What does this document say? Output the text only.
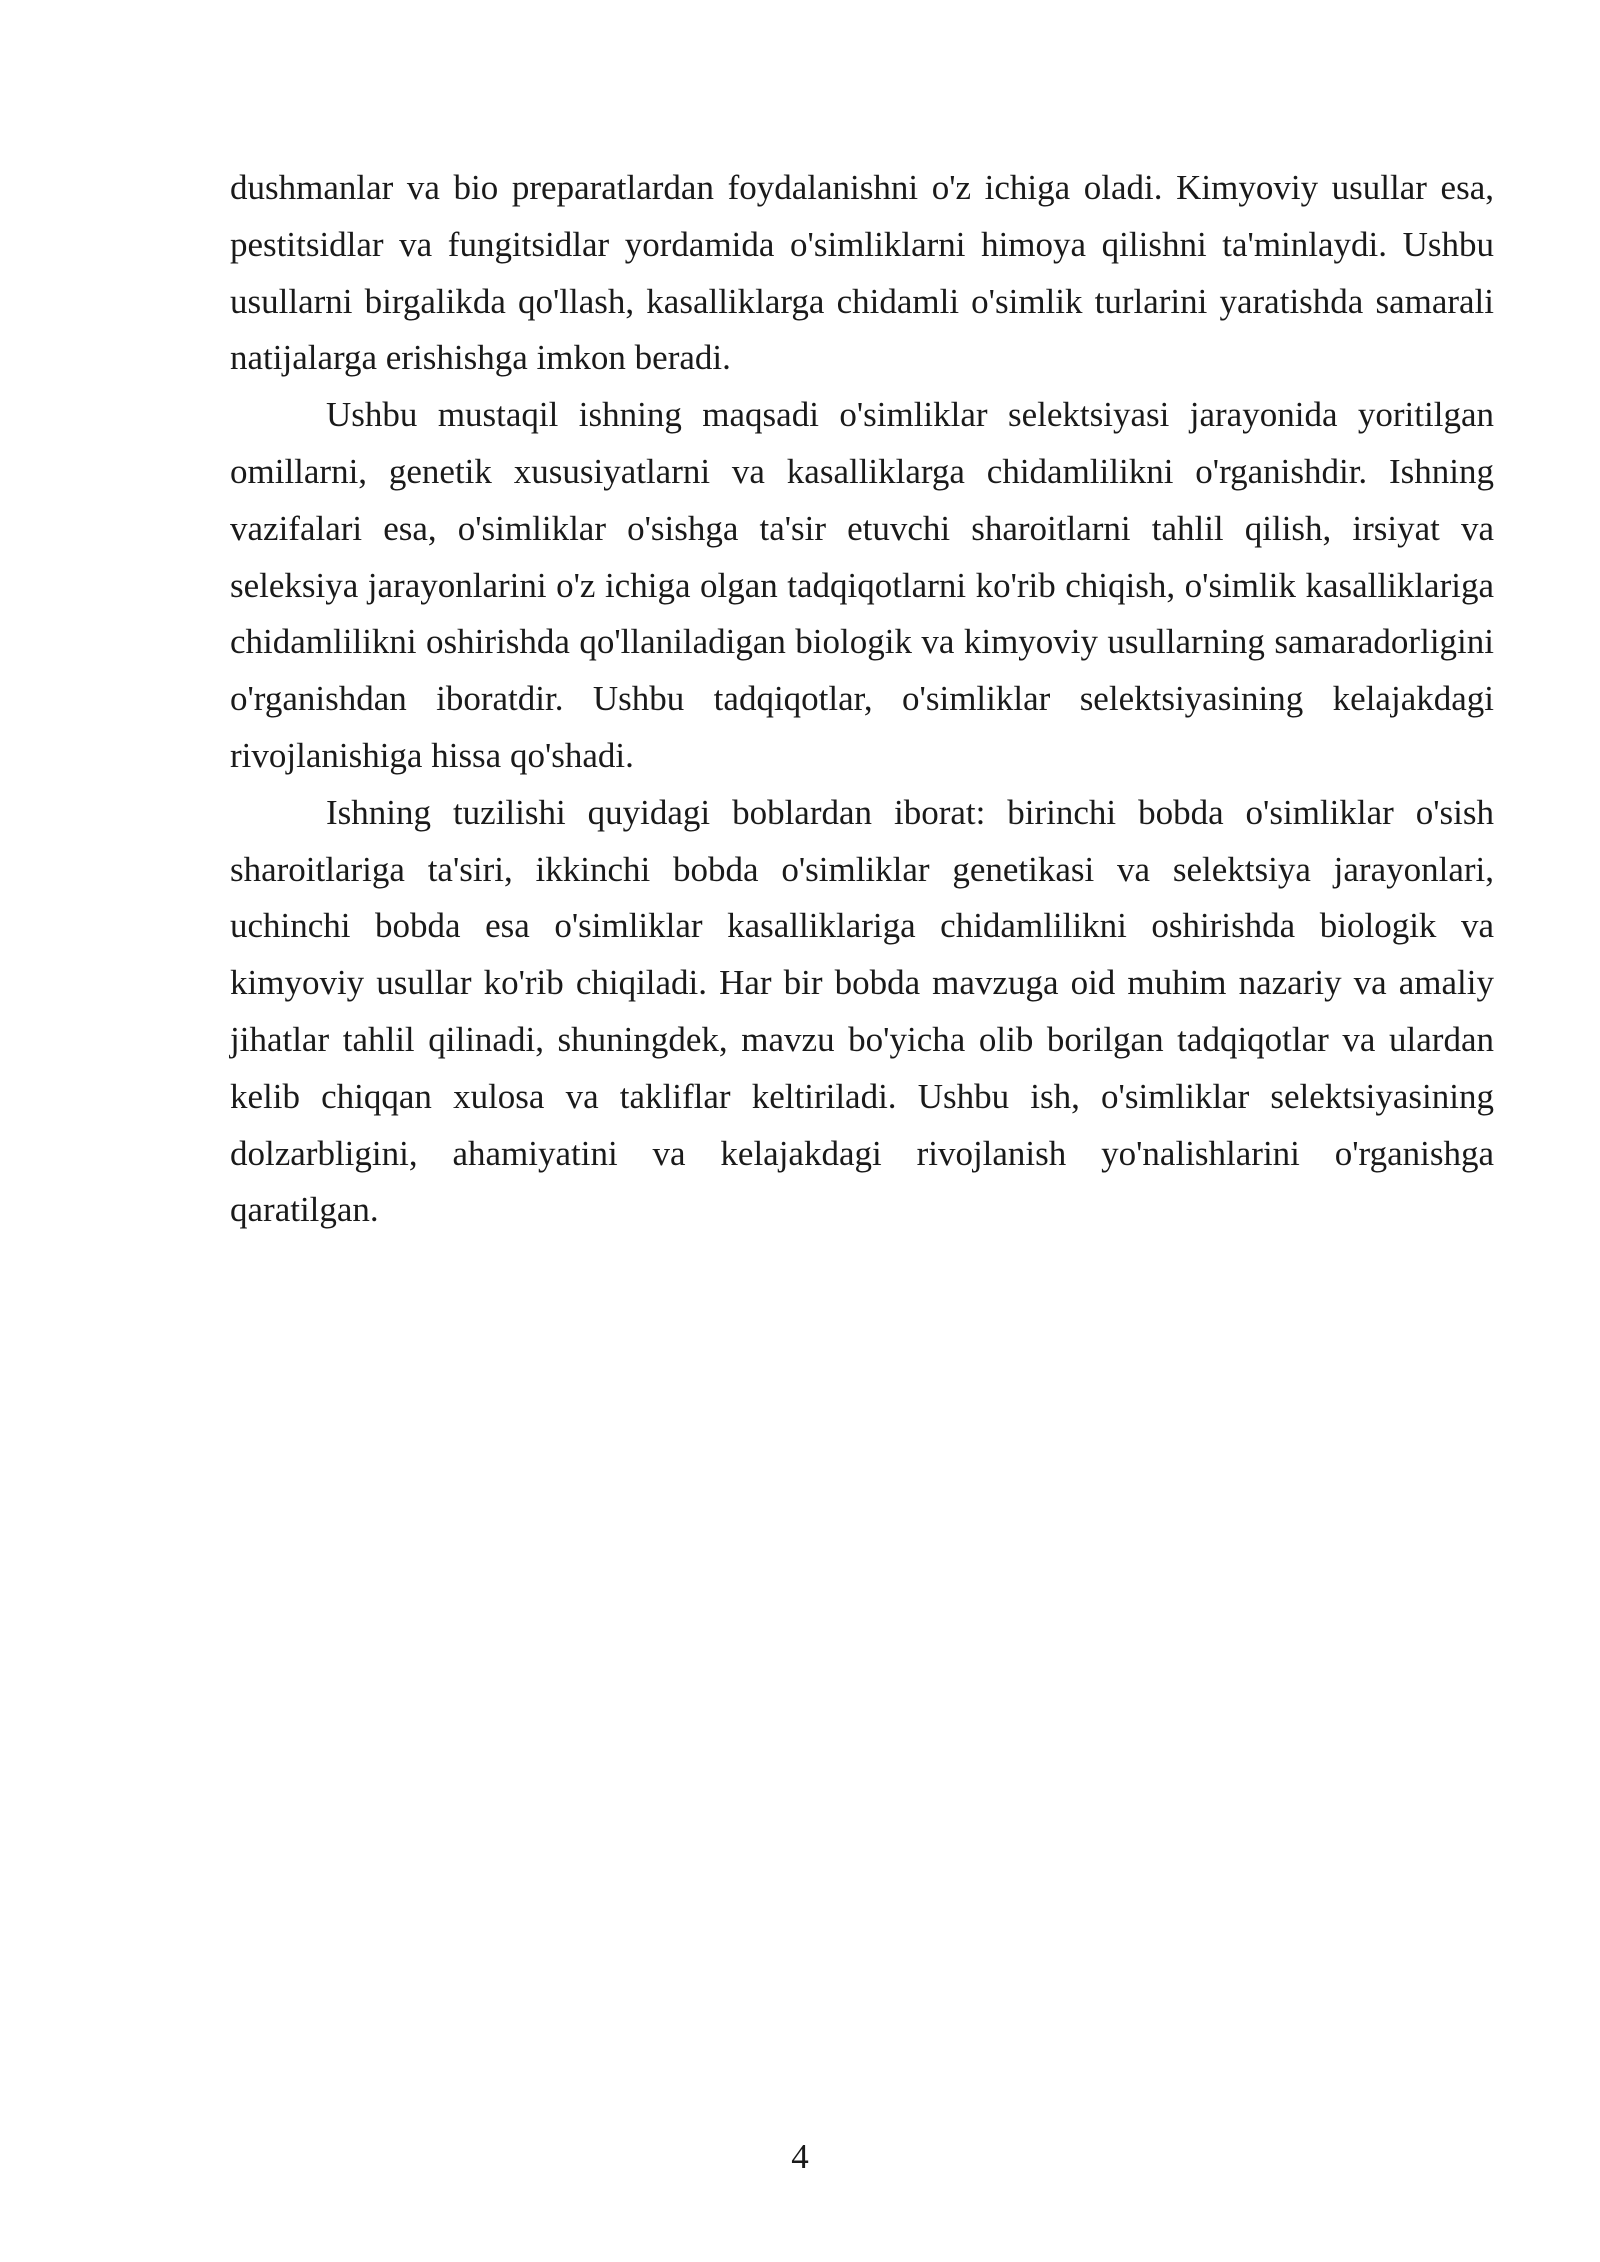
dushmanlar va bio preparatlardan foydalanishni o'z ichiga oladi. Kimyoviy usullar esa, pestitsidlar va fungitsidlar yordamida o'simliklarni himoya qilishni ta'minlaydi. Ushbu usullarni birgalikda qo'llash, kasalliklarga chidamli o'simlik turlarini yaratishda samarali natijalarga erishishga imkon beradi.

Ushbu mustaqil ishning maqsadi o'simliklar selektsiyasi jarayonida yoritilgan omillarni, genetik xususiyatlarni va kasalliklarga chidamlilikni o'rganishdir. Ishning vazifalari esa, o'simliklar o'sishga ta'sir etuvchi sharoitlarni tahlil qilish, irsiyat va seleksiya jarayonlarini o'z ichiga olgan tadqiqotlarni ko'rib chiqish, o'simlik kasalliklariga chidamlilikni oshirishda qo'llaniladigan biologik va kimyoviy usullarning samaradorligini o'rganishdan iboratdir. Ushbu tadqiqotlar, o'simliklar selektsiyasining kelajakdagi rivojlanishiga hissa qo'shadi.

Ishning tuzilishi quyidagi boblardan iborat: birinchi bobda o'simliklar o'sish sharoitlariga ta'siri, ikkinchi bobda o'simliklar genetikasi va selektsiya jarayonlari, uchinchi bobda esa o'simliklar kasalliklariga chidamlilikni oshirishda biologik va kimyoviy usullar ko'rib chiqiladi. Har bir bobda mavzuga oid muhim nazariy va amaliy jihatlar tahlil qilinadi, shuningdek, mavzu bo'yicha olib borilgan tadqiqotlar va ulardan kelib chiqqan xulosa va takliflar keltiriladi. Ushbu ish, o'simliklar selektsiyasining dolzarbligini, ahamiyatini va kelajakdagi rivojlanish yo'nalishlarini o'rganishga qaratilgan.

4
